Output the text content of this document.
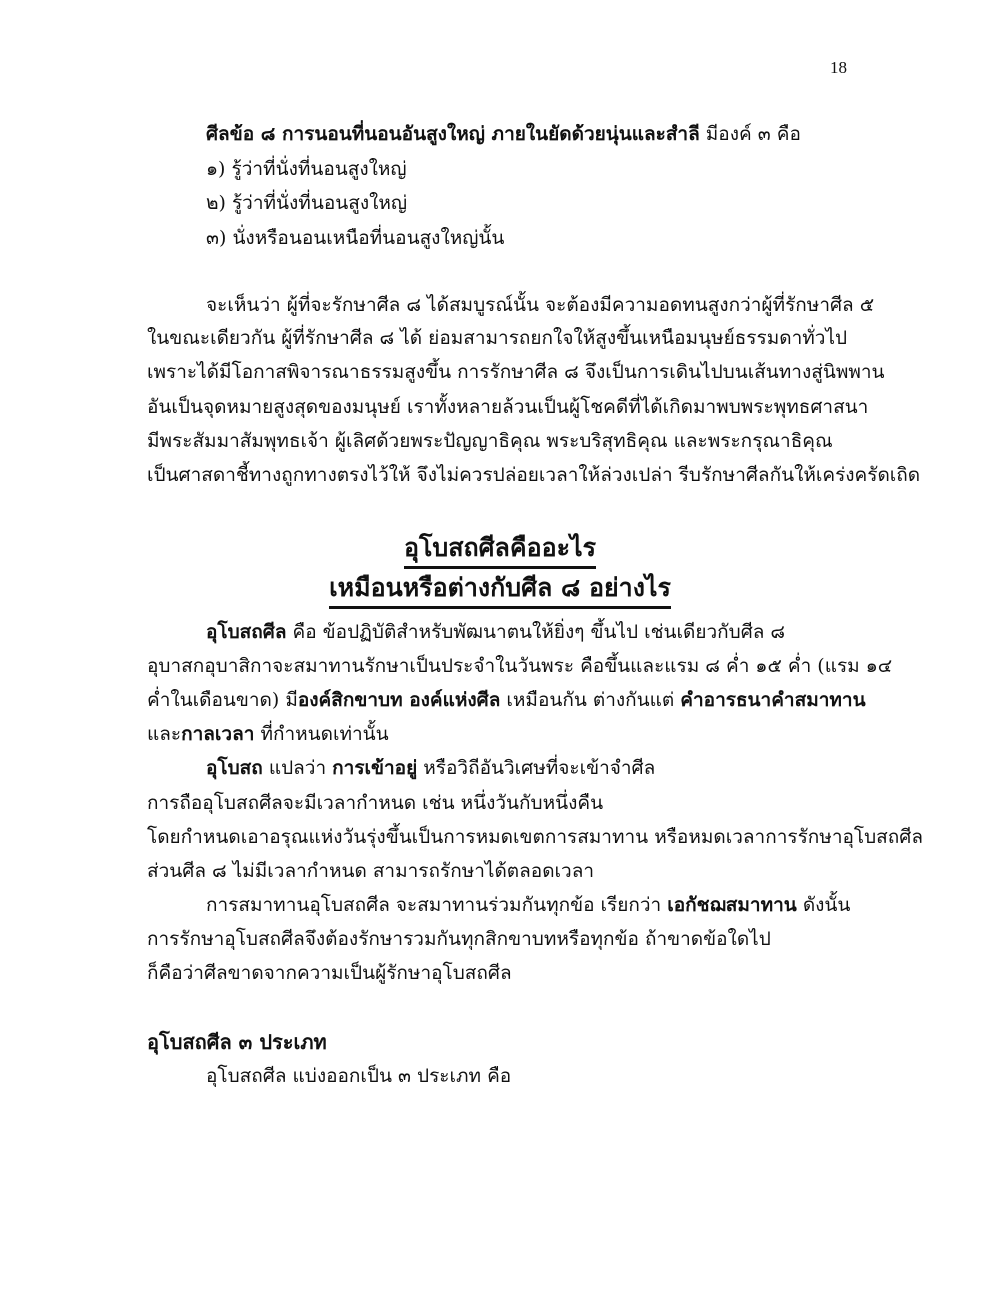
18
ศีลข้อ ๘ การนอนที่นอนอันสูงใหญ่ ภายในยัดด้วยนุ่นและสำลี มีองค์ ๓ คือ
๑) รู้ว่าที่นั่งที่นอนสูงใหญ่
๒) รู้ว่าที่นั่งที่นอนสูงใหญ่
๓) นั่งหรือนอนเหนือที่นอนสูงใหญ่นั้น
จะเห็นว่า ผู้ที่จะรักษาศีล ๘ ได้สมบูรณ์นั้น จะต้องมีความอดทนสูงกว่าผู้ที่รักษาศีล ๕
ในขณะเดียวกัน ผู้ที่รักษาศีล ๘ ได้ ย่อมสามารถยกใจให้สูงขึ้นเหนือมนุษย์ธรรมดาทั่วไป
เพราะได้มีโอกาสพิจารณาธรรมสูงขึ้น การรักษาศีล ๘ จึงเป็นการเดินไปบนเส้นทางสู่นิพพาน
อันเป็นจุดหมายสูงสุดของมนุษย์ เราทั้งหลายล้วนเป็นผู้โชคดีที่ได้เกิดมาพบพระพุทธศาสนา
มีพระสัมมาสัมพุทธเจ้า ผู้เลิศด้วยพระปัญญาธิคุณ พระบริสุทธิคุณ และพระกรุณาธิคุณ
เป็นศาสดาชี้ทางถูกทางตรงไว้ให้ จึงไม่ควรปล่อยเวลาให้ล่วงเปล่า รีบรักษาศีลกันให้เคร่งครัดเถิด
อุโบสถศีลคืออะไร
เหมือนหรือต่างกับศีล ๘ อย่างไร
อุโบสถศีล คือ ข้อปฏิบัติสำหรับพัฒนาตนให้ยิ่งๆ ขึ้นไป เช่นเดียวกับศีล ๘
อุบาสกอุบาสิกาจะสมาทานรักษาเป็นประจำในวันพระ คือขึ้นและแรม ๘ ค่ำ ๑๕ ค่ำ (แรม ๑๔
ค่ำในเดือนขาด) มีองค์สิกขาบท องค์แห่งศีล เหมือนกัน ต่างกันแต่ คำอารธนาคำสมาทาน
และกาลเวลา ที่กำหนดเท่านั้น
อุโบสถ แปลว่า การเข้าอยู่ หรือวิถีอันวิเศษที่จะเข้าจำศีล
การถืออุโบสถศีลจะมีเวลากำหนด เช่น หนึ่งวันกับหนึ่งคืน
โดยกำหนดเอาอรุณแห่งวันรุ่งขึ้นเป็นการหมดเขตการสมาทาน หรือหมดเวลาการรักษาอุโบสถศีล
ส่วนศีล ๘ ไม่มีเวลากำหนด สามารถรักษาได้ตลอดเวลา
การสมาทานอุโบสถศีล จะสมาทานร่วมกันทุกข้อ เรียกว่า เอกัชฌสมาทาน ดังนั้น
การรักษาอุโบสถศีลจึงต้องรักษารวมกันทุกสิกขาบทหรือทุกข้อ ถ้าขาดข้อใดไป
ก็คือว่าศีลขาดจากความเป็นผู้รักษาอุโบสถศีล
อุโบสถศีล ๓ ประเภท
อุโบสถศีล แบ่งออกเป็น ๓ ประเภท คือ
